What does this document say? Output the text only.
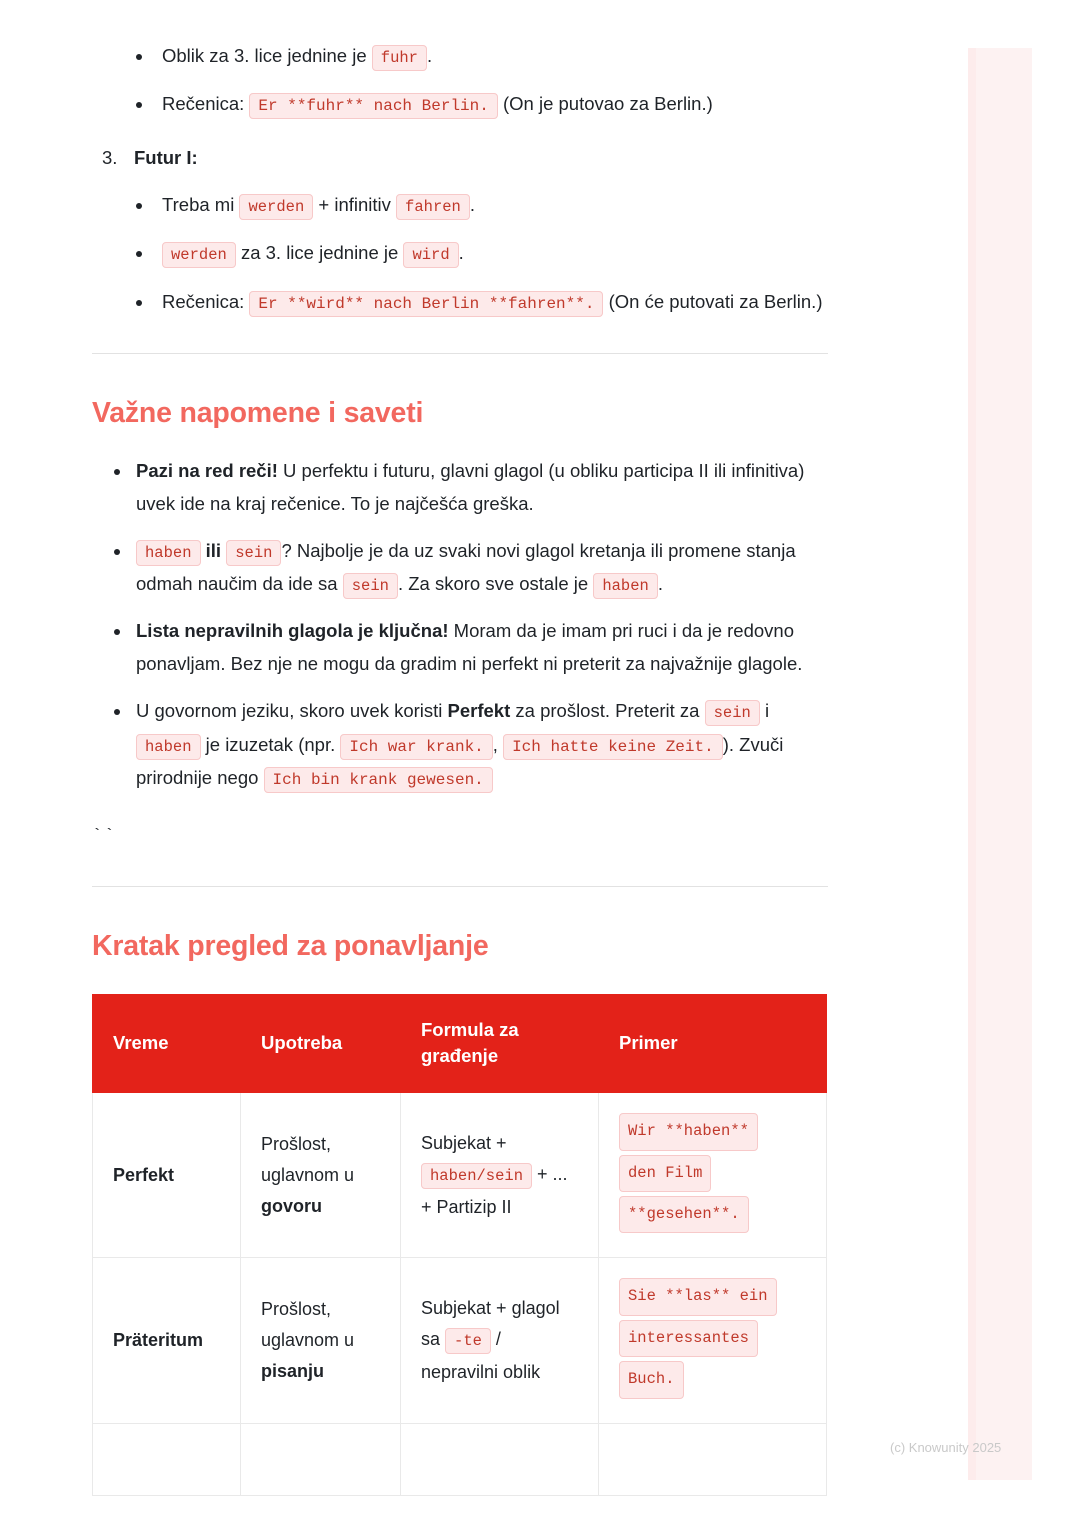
Oblik za 3. lice jednine je fuhr .
Rečenica: Er **fuhr** nach Berlin. (On je putovao za Berlin.)
3. Futur I:
Treba mi werden + infinitiv fahren .
werden za 3. lice jednine je wird .
Rečenica: Er **wird** nach Berlin **fahren**. (On će putovati za Berlin.)
Važne napomene i saveti
Pazi na red reči! U perfektu i futuru, glavni glagol (u obliku participa II ili infinitiva) uvek ide na kraj rečenice. To je najčešća greška.
haben ili sein ? Najbolje je da uz svaki novi glagol kretanja ili promene stanja odmah naučim da ide sa sein . Za skoro sve ostale je haben .
Lista nepravilnih glagola je ključna! Moram da je imam pri ruci i da je redovno ponavljam. Bez nje ne mogu da gradim ni perfekt ni preterit za najvažnije glagole.
U govornom jeziku, skoro uvek koristi Perfekt za prošlost. Preterit za sein i haben je izuzetak (npr. Ich war krank. , Ich hatte keine Zeit. ). Zvuči prirodnije nego Ich bin krank gewesen.
``
Kratak pregled za ponavljanje
Vreme	Upotreba	Formula za građenje	Primer
Perfekt	Prošlost, uglavnom u govoru	Subjekat + haben/sein + ... + Partizip II	Wir **haben**
den Film
**gesehen**.
Präteritum	Prošlost, uglavnom u pisanju	Subjekat + glagol sa -te / nepravilni oblik	Sie **las** ein
interessantes
Buch.

(c) Knowunity 2025
